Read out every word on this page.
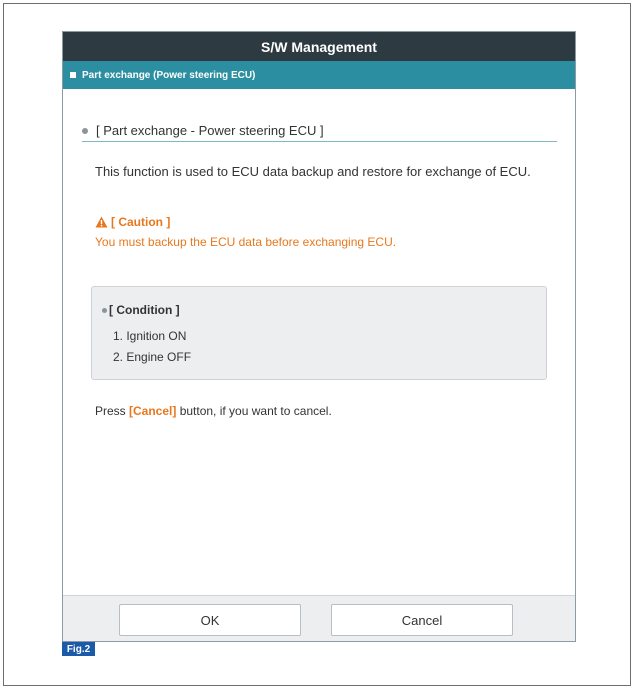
S/W Management
Part exchange (Power steering ECU)
[ Part exchange - Power steering ECU ]
This function is used to ECU data backup and restore for exchange of ECU.
[ Caution ]
You must backup the ECU data before exchanging ECU.
[ Condition ]
1. Ignition ON
2. Engine OFF
Press [Cancel] button, if you want to cancel.
OK	Cancel
Fig.2
